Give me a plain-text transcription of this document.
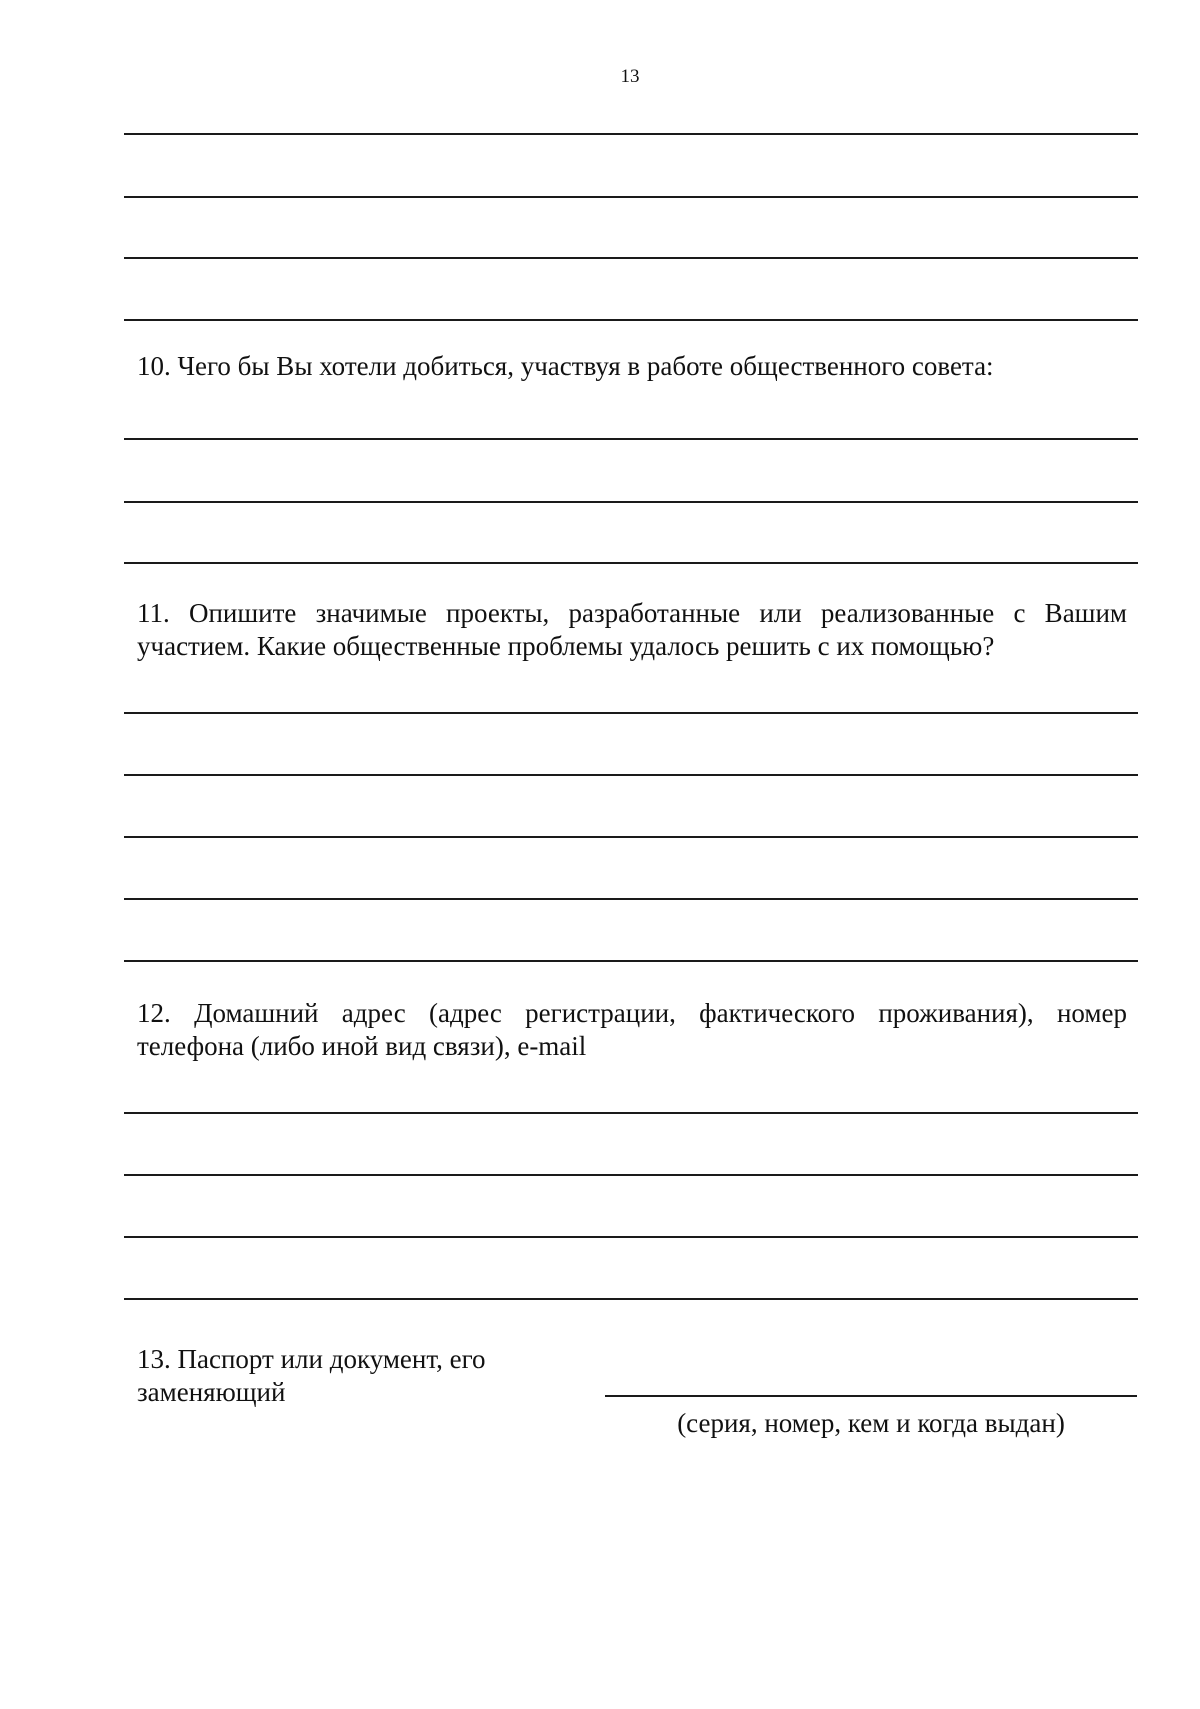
13
10. Чего бы Вы хотели добиться, участвуя в работе общественного совета:
11. Опишите значимые проекты, разработанные или реализованные с Вашим
участием. Какие общественные проблемы удалось решить с их помощью?
12. Домашний адрес (адрес регистрации, фактического проживания), номер
телефона (либо иной вид связи), e-mail
13. Паспорт или документ, его
заменяющий
(серия, номер, кем и когда выдан)
